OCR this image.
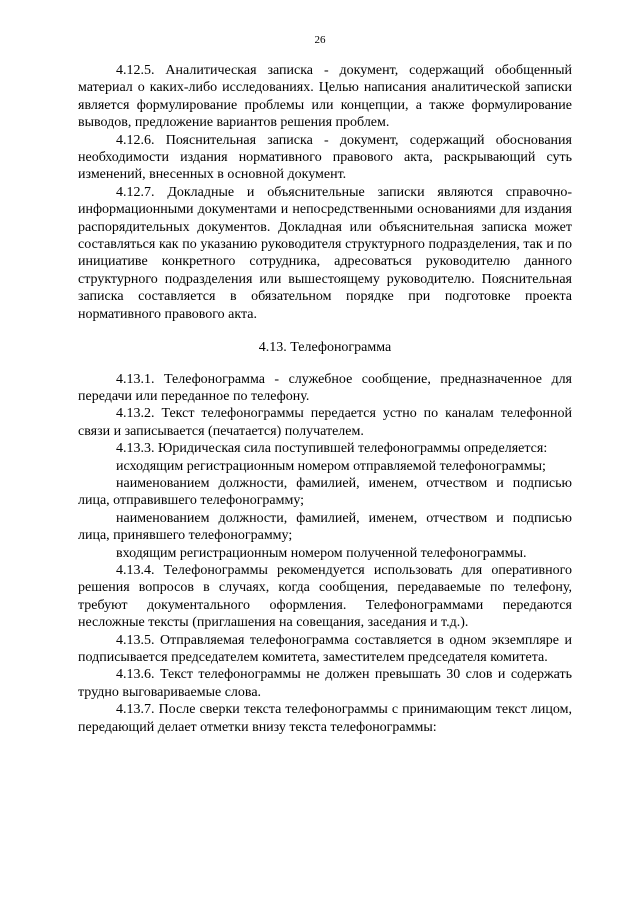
26

4.12.5. Аналитическая записка - документ, содержащий обобщенный материал о каких-либо исследованиях. Целью написания аналитической записки является формулирование проблемы или концепции, а также формулирование выводов, предложение вариантов решения проблем.

4.12.6. Пояснительная записка - документ, содержащий обоснования необходимости издания нормативного правового акта, раскрывающий суть изменений, внесенных в основной документ.

4.12.7. Докладные и объяснительные записки являются справочно-информационными документами и непосредственными основаниями для издания распорядительных документов. Докладная или объяснительная записка может составляться как по указанию руководителя структурного подразделения, так и по инициативе конкретного сотрудника, адресоваться руководителю данного структурного подразделения или вышестоящему руководителю. Пояснительная записка составляется в обязательном порядке при подготовке проекта нормативного правового акта.

4.13. Телефонограмма

4.13.1. Телефонограмма - служебное сообщение, предназначенное для передачи или переданное по телефону.

4.13.2. Текст телефонограммы передается устно по каналам телефонной связи и записывается (печатается) получателем.

4.13.3. Юридическая сила поступившей телефонограммы определяется:

исходящим регистрационным номером отправляемой телефонограммы;

наименованием должности, фамилией, именем, отчеством и подписью лица, отправившего телефонограмму;

наименованием должности, фамилией, именем, отчеством и подписью лица, принявшего телефонограмму;

входящим регистрационным номером полученной телефонограммы.

4.13.4. Телефонограммы рекомендуется использовать для оперативного решения вопросов в случаях, когда сообщения, передаваемые по телефону, требуют документального оформления. Телефонограммами передаются несложные тексты (приглашения на совещания, заседания и т.д.).

4.13.5. Отправляемая телефонограмма составляется в одном экземпляре и подписывается председателем комитета, заместителем председателя комитета.

4.13.6. Текст телефонограммы не должен превышать 30 слов и содержать трудно выговариваемые слова.

4.13.7. После сверки текста телефонограммы с принимающим текст лицом, передающий делает отметки внизу текста телефонограммы:
